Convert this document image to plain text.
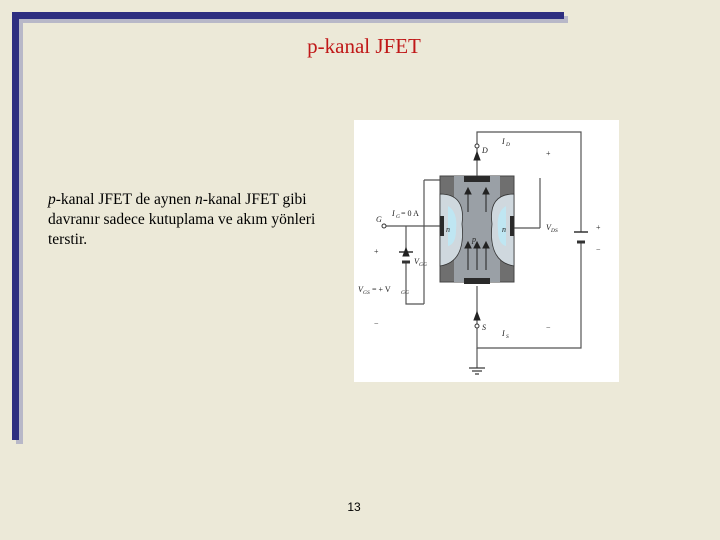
p-kanal JFET
p-kanal JFET de aynen n-kanal JFET gibi davranır sadece kutuplama ve akım yönleri terstir.
D
G
S
I D
I S
I G = 0 A
V DS
V GG
V GS = + V GG
n	n
p
+
−
+
−
+
−
13
